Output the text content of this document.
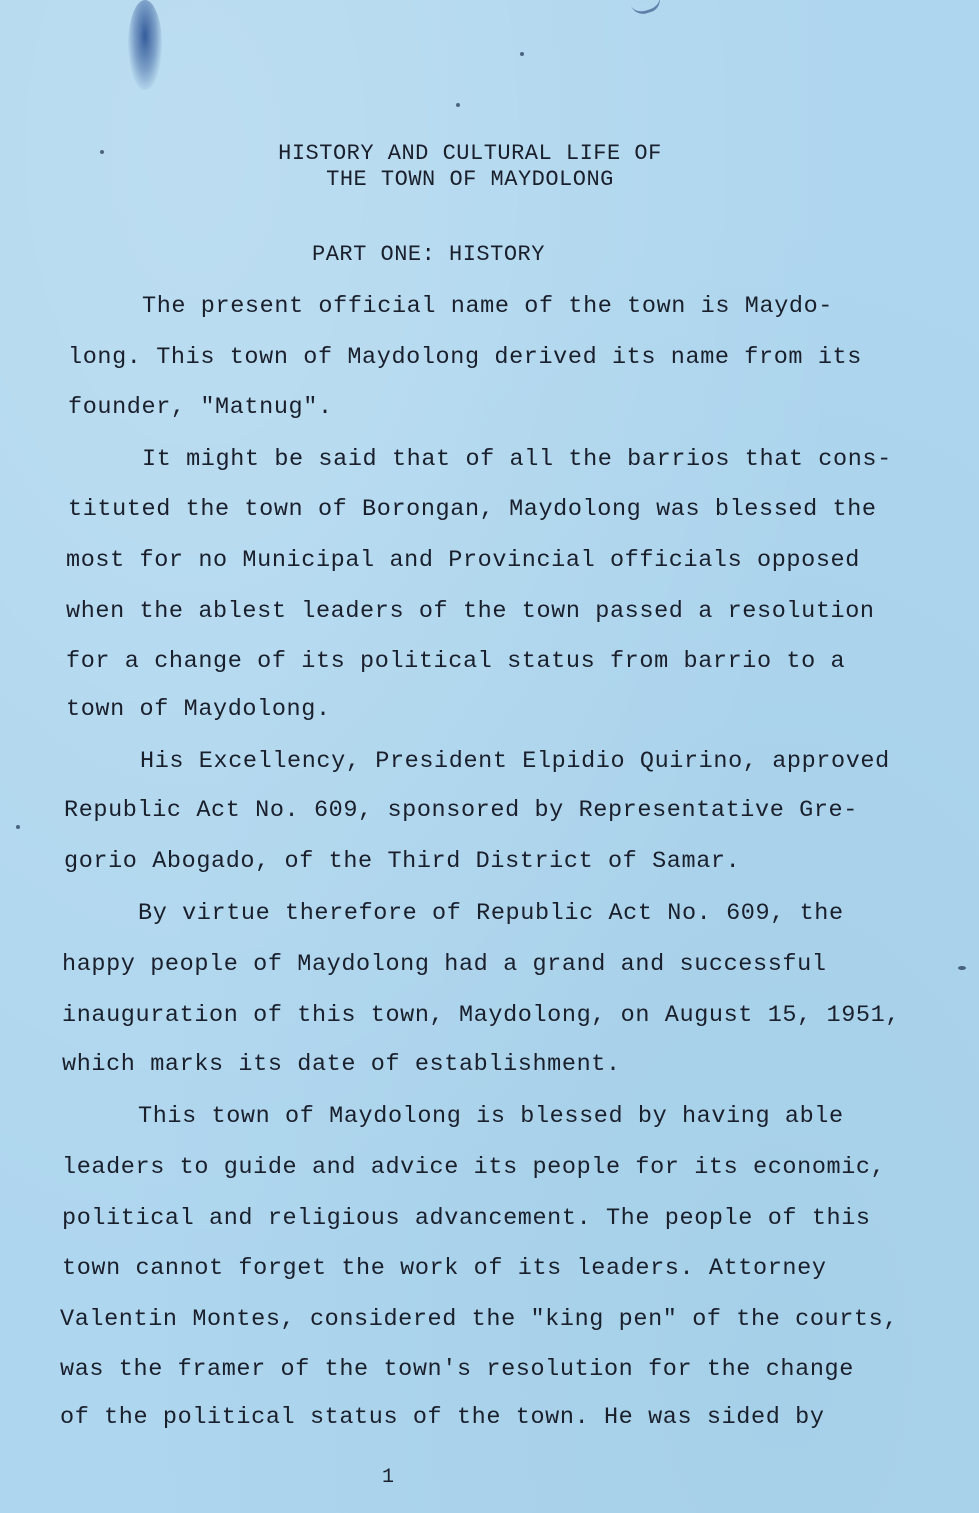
HISTORY AND CULTURAL LIFE OF
THE TOWN OF MAYDOLONG
PART ONE: HISTORY
The present official name of the town is Maydo-
long. This town of Maydolong derived its name from its
founder, "Matnug".
It might be said that of all the barrios that cons-
tituted the town of Borongan, Maydolong was blessed the
most for no Municipal and Provincial officials opposed
when the ablest leaders of the town passed a resolution
for a change of its political status from barrio to a
town of Maydolong.
His Excellency, President Elpidio Quirino, approved
Republic Act No. 609, sponsored by Representative Gre-
gorio Abogado, of the Third District of Samar.
By virtue therefore of Republic Act No. 609, the
happy people of Maydolong had a grand and successful
inauguration of this town, Maydolong, on August 15, 1951,
which marks its date of establishment.
This town of Maydolong is blessed by having able
leaders to guide and advice its people for its economic,
political and religious advancement. The people of this
town cannot forget the work of its leaders. Attorney
Valentin Montes, considered the "king pen" of the courts,
was the framer of the town's resolution for the change
of the political status of the town. He was sided by
1
